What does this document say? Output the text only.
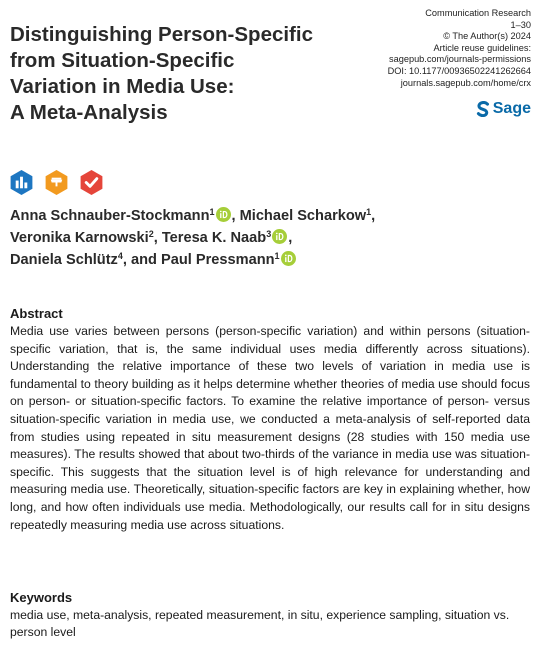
Distinguishing Person-Specific
from Situation-Specific
Variation in Media Use:
A Meta-Analysis
Communication Research
1–30
© The Author(s) 2024
Article reuse guidelines:
sagepub.com/journals-permissions
DOI: 10.1177/00936502241262664
journals.sagepub.com/home/crx
Sage
Anna Schnauber-Stockmann$^1$ , Michael Scharkow$^1$,
Veronika Karnowski$^2$, Teresa K. Naab$^3$ ,
Daniela Schlütz$^4$, and Paul Pressmann$^1$
Abstract

Media use varies between persons (person-specific variation) and within persons (situation-specific variation, that is, the same individual uses media differently across situations). Understanding the relative importance of these two levels of variation in media use is fundamental to theory building as it helps determine whether theories of media use should focus on person- or situation-specific factors. To examine the relative importance of person- versus situation-specific variation in media use, we conducted a meta-analysis of self-reported data from studies using repeated in situ measurement designs (28 studies with 150 media use measures). The results showed that about two-thirds of the variance in media use was situation-specific. This suggests that the situation level is of high relevance for understanding and measuring media use. Theoretically, situation-specific factors are key in explaining whether, how long, and how often individuals use media. Methodologically, our results call for in situ designs repeatedly measuring media use across situations.

Keywords

media use, meta-analysis, repeated measurement, in situ, experience sampling, situation vs. person level
